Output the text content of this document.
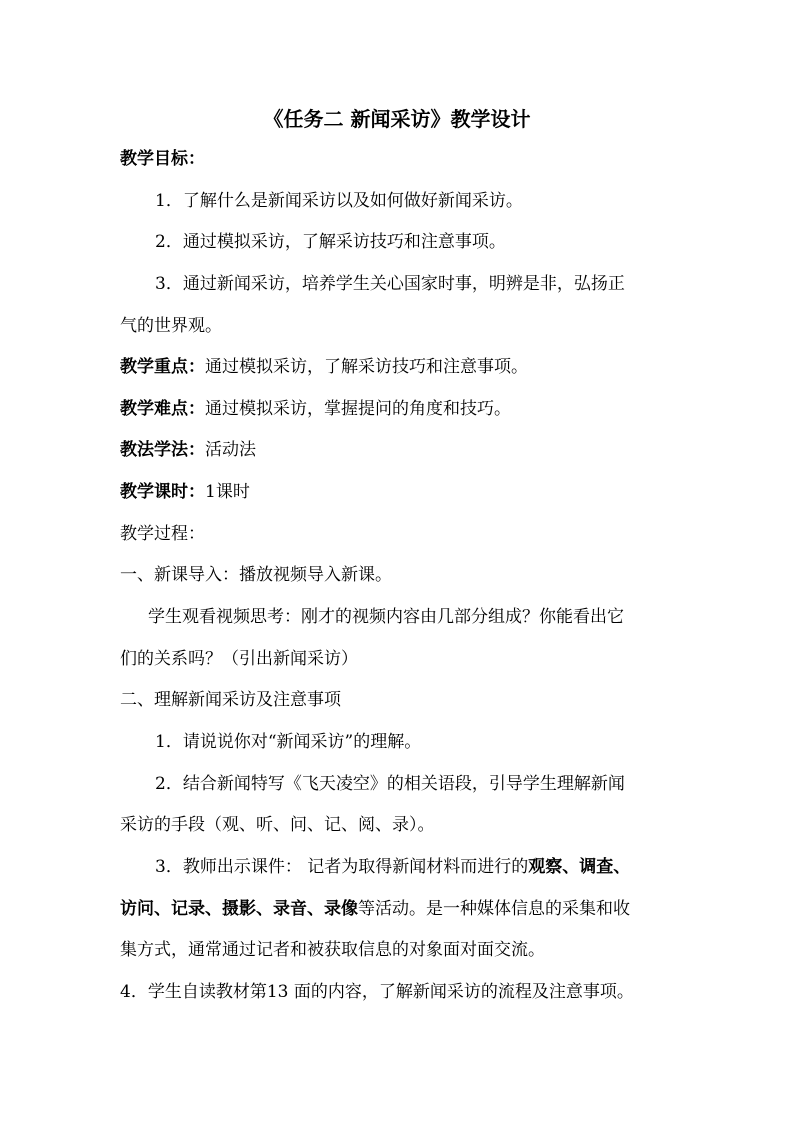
《任务二 新闻采访》教学设计
教学目标：
1．了解什么是新闻采访以及如何做好新闻采访。
2．通过模拟采访，了解采访技巧和注意事项。
3．通过新闻采访，培养学生关心国家时事，明辨是非，弘扬正
气的世界观。
教学重点：通过模拟采访，了解采访技巧和注意事项。
教学难点：通过模拟采访，掌握提问的角度和技巧。
教法学法：活动法
教学课时：1课时
教学过程：
一、新课导入：播放视频导入新课。
学生观看视频思考：刚才的视频内容由几部分组成？你能看出它
们的关系吗？（引出新闻采访）
二、理解新闻采访及注意事项
1．请说说你对“新闻采访”的理解。
2．结合新闻特写《飞天凌空》的相关语段，引导学生理解新闻
采访的手段（观、听、问、记、阅、录）。
3．教师出示课件： 记者为取得新闻材料而进行的观察、调查、
访问、记录、摄影、录音、录像等活动。是一种媒体信息的采集和收
集方式，通常通过记者和被获取信息的对象面对面交流。
4．学生自读教材第13 面的内容，了解新闻采访的流程及注意事项。
